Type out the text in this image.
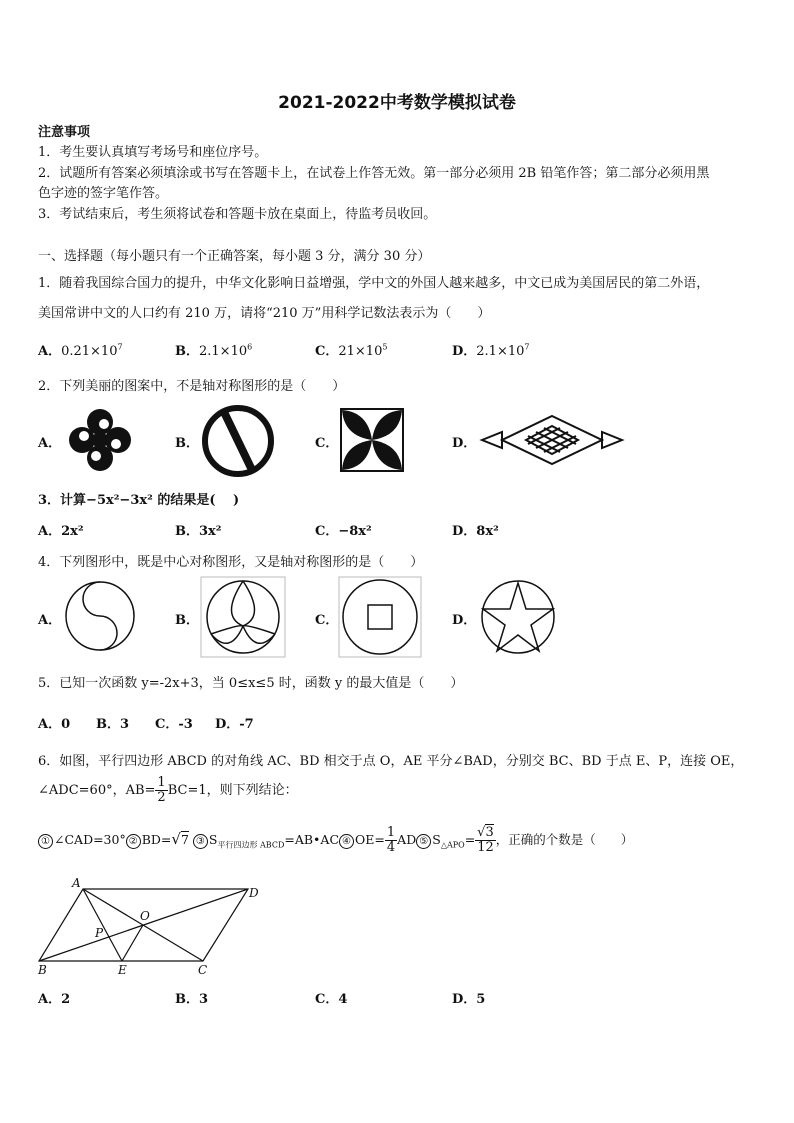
2021-2022中考数学模拟试卷
注意事项
1．考生要认真填写考场号和座位序号。
2．试题所有答案必须填涂或书写在答题卡上，在试卷上作答无效。第一部分必须用 2B 铅笔作答；第二部分必须用黑
色字迹的签字笔作答。
3．考试结束后，考生须将试卷和答题卡放在桌面上，待监考员收回。
一、选择题（每小题只有一个正确答案，每小题 3 分，满分 30 分）
1．随着我国综合国力的提升，中华文化影响日益增强，学中文的外国人越来越多，中文已成为美国居民的第二外语，
美国常讲中文的人口约有 210 万，请将“210 万”用科学记数法表示为（　　）
A．$0.21\times 10^7$	B．$2.1\times 10^6$	C．$21\times 10^5$	D．$2.1\times 10^7$
2．下列美丽的图案中，不是轴对称图形的是（　　）
A．	B．	C．	D．
3．计算−5x²−3x² 的结果是(　 )
A．2x²	B．3x²	C．−8x²	D．8x²
4．下列图形中，既是中心对称图形，又是轴对称图形的是（　　）
A．	B．	C．	D．
5．已知一次函数 y=-2x+3，当 0≤x≤5 时，函数 y 的最大值是（　　）
A．0 B．3 C．-3 D．-7
6．如图，平行四边形 ABCD 的对角线 AC、BD 相交于点 O，AE 平分∠BAD，分别交 BC、BD 于点 E、P，连接 OE，
∠ADC=60°，$AB= \frac{1}{2} BC=1$，则下列结论：
① ∠CAD=30° ② BD=√7 ③ $S_{平行四边形 ABCD}=AB•AC$ ④ $OE= \frac{1}{4}$ AD ⑤ $S_{\triangle APO}= \frac{√3}{12}$ ，正确的个数是（　　）
A
D
B	C
O
P
E
A．2	B．3	C．4	D．5
